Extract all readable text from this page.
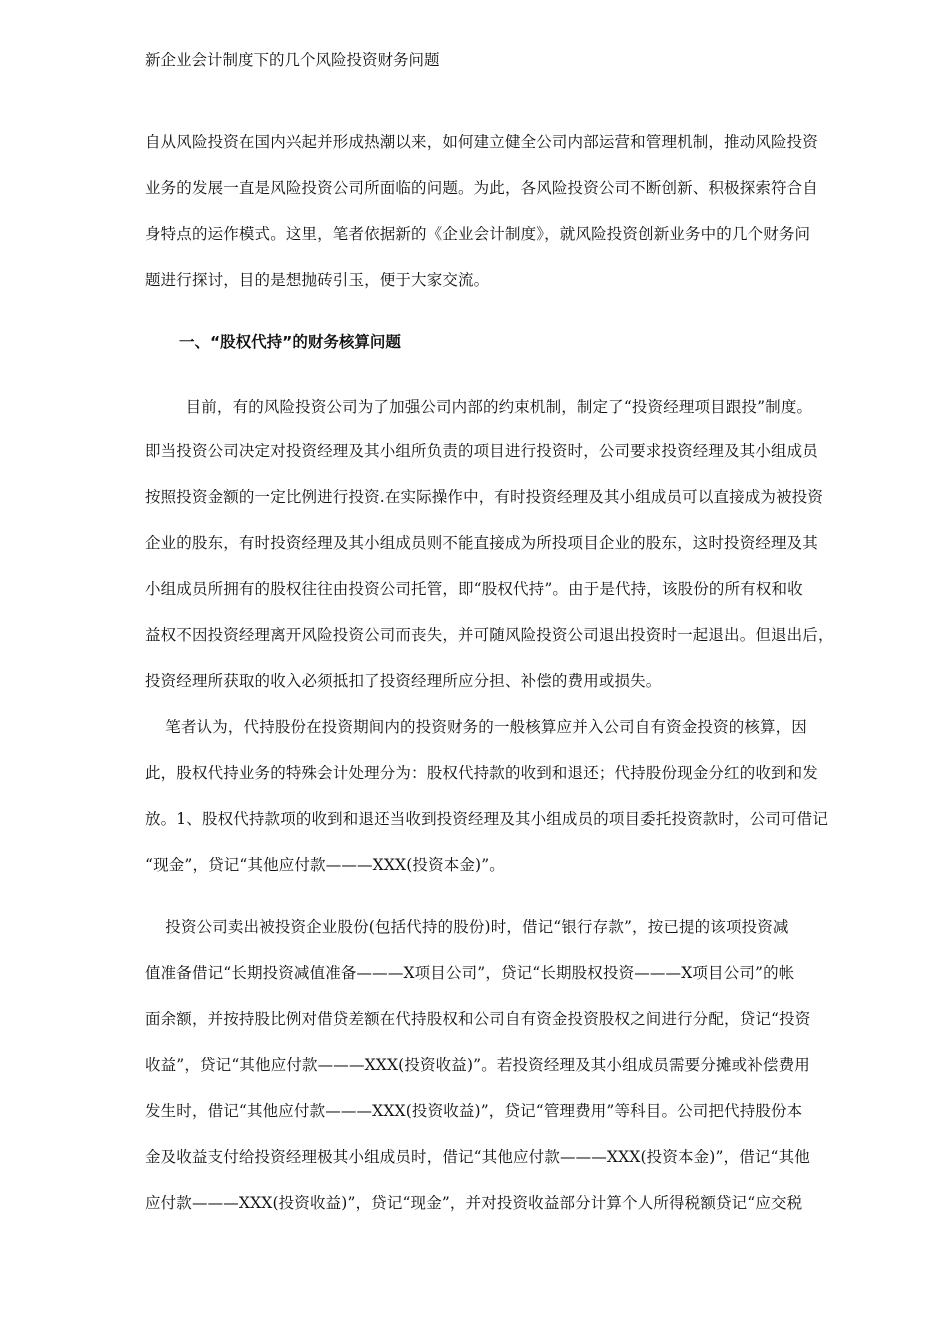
新企业会计制度下的几个风险投资财务问题
自从风险投资在国内兴起并形成热潮以来，如何建立健全公司内部运营和管理机制，推动风险投资
业务的发展一直是风险投资公司所面临的问题。为此，各风险投资公司不断创新、积极探索符合自
身特点的运作模式。这里，笔者依据新的《企业会计制度》，就风险投资创新业务中的几个财务问
题进行探讨，目的是想抛砖引玉，便于大家交流。
一、“股权代持”的财务核算问题
目前，有的风险投资公司为了加强公司内部的约束机制，制定了“投资经理项目跟投”制度。
即当投资公司决定对投资经理及其小组所负责的项目进行投资时，公司要求投资经理及其小组成员
按照投资金额的一定比例进行投资.在实际操作中，有时投资经理及其小组成员可以直接成为被投资
企业的股东，有时投资经理及其小组成员则不能直接成为所投项目企业的股东，这时投资经理及其
小组成员所拥有的股权往往由投资公司托管，即“股权代持”。由于是代持，该股份的所有权和收
益权不因投资经理离开风险投资公司而丧失，并可随风险投资公司退出投资时一起退出。但退出后，
投资经理所获取的收入必须抵扣了投资经理所应分担、补偿的费用或损失。
笔者认为，代持股份在投资期间内的投资财务的一般核算应并入公司自有资金投资的核算，因
此，股权代持业务的特殊会计处理分为：股权代持款的收到和退还；代持股份现金分红的收到和发
放。1、股权代持款项的收到和退还当收到投资经理及其小组成员的项目委托投资款时，公司可借记
“现金”，贷记“其他应付款———XXX(投资本金)”。
投资公司卖出被投资企业股份(包括代持的股份)时，借记“银行存款”，按已提的该项投资减
值准备借记“长期投资减值准备———X项目公司”，贷记“长期股权投资———X项目公司”的帐
面余额，并按持股比例对借贷差额在代持股权和公司自有资金投资股权之间进行分配，贷记“投资
收益”，贷记“其他应付款———XXX(投资收益)”。若投资经理及其小组成员需要分摊或补偿费用
发生时，借记“其他应付款———XXX(投资收益)”，贷记“管理费用”等科目。公司把代持股份本
金及收益支付给投资经理极其小组成员时，借记“其他应付款———XXX(投资本金)”，借记“其他
应付款———XXX(投资收益)”，贷记“现金”，并对投资收益部分计算个人所得税额贷记“应交税
